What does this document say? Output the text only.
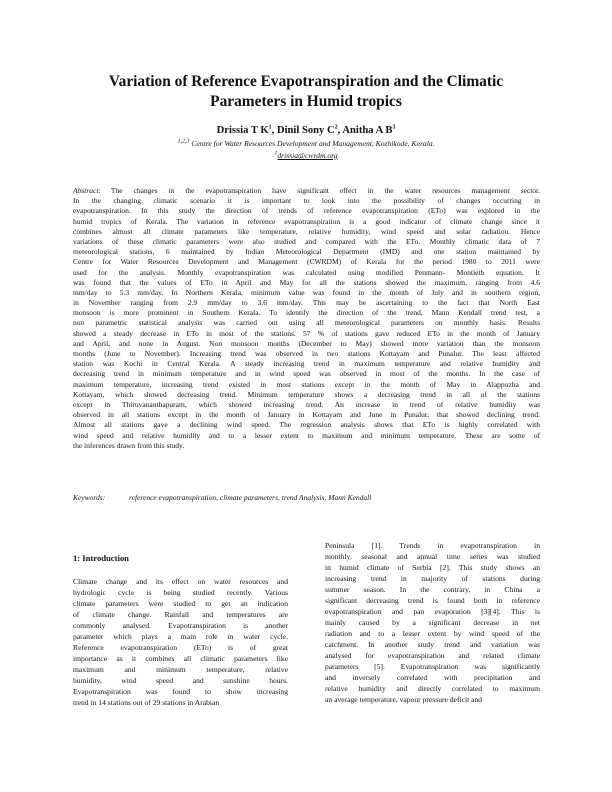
Variation of Reference Evapotranspiration and the Climatic
Parameters in Humid tropics
Drissia T $K^1$, Dinil Sony $C^2$, Anitha A $B^3$
$^{1,2,3}$ Centre for Water Resources Development and Management, Kozhikode, Kerala.
$^1$drissia@cwrdm.org
Abstract: The changes in the evapotranspiration have significant effect in the water resources management sector.
In the changing climatic scenario it is important to look into the possibility of changes occurring in
evapotranspiration. In this study the direction of trends of reference evapotranspiration (ETo) was explored in the
humid tropics of Kerala. The variation in reference evapotranspiration is a good indicator of climate change since it
combines almost all climate parameters like temperature, relative humidity, wind speed and solar radiation. Hence
variations of these climatic parameters were also studied and compared with the ETo. Monthly climatic data of 7
meteorological stations, 6 maintained by Indian Meteorological Department (IMD) and one station maintained by
Centre for Water Resources Development and Management (CWRDM) of Kerala for the period 1980 to 2011 were
used for the analysis. Monthly evapotranspiration was calculated using modified Penmann- Montieth equation. It
was found that the values of ETo in April and May for all the stations showed the maximum, ranging from 4.6
mm/day to 5.3 mm/day. In Northern Kerala, minimum value was found in the month of July and in southern region,
in November ranging from 2.9 mm/day to 3.6 mm/day. This may be ascertaining to the fact that North East
monsoon is more prominent in Southern Kerala. To identify the direction of the trend, Mann Kendall trend test, a
non parametric statistical analysis was carried out using all meteorological parameters on monthly basis. Results
showed a steady decrease in ETo in most of the stations. 57 % of stations gave reduced ETo in the month of January
and April, and none in August. Non monsoon months (December to May) showed more variation than the monsoon
months (June to November). Increasing trend was observed in two stations Kottayam and Punalur. The least affected
station was Kochi in Central Kerala. A steady increasing trend in maximum temperature and relative humidity and
decreasing trend in minimum temperature and in wind speed was observed in most of the months. In the case of
maximum temperature, increasing trend existed in most stations except in the month of May in Alappuzha and
Kottayam, which showed decreasing trend. Minimum temperature shows a decreasing trend in all of the stations
except in Thiruvananthapuram, which showed increasing trend. An increase in trend of relative humidity was
observed in all stations except in the month of January in Kottayam and June in Punalur, that showed declining trend.
Almost all stations gave a declining wind speed. The regression analysis shows that ETo is highly correlated with
wind speed and relative humidity and to a lesser extent to maximum and minimum temperature. These are some of
the inferences drawn from this study.
Keywords:	reference evapotranspiration, climate parameters, trend Analysis, Mann Kendall
1: Introduction
Climate change and its effect on water resources and
hydrologic cycle is being studied recently. Various
climate parameters were studied to get an indication
of climate change. Rainfall and temperatures are
commonly analysed. Evapotranspiration is another
parameter which plays a main role in water cycle.
Reference evapotranspiration (ETo) is of great
importance as it combines all climatic parameters like
maximum and minimum temperature, relative
humidity, wind speed and sunshine hours.
Evapotranspiration was found to show increasing
trend in 14 stations out of 29 stations in Arabian
Peninsula [1]. Trends in evapotranspiration in
monthly, seasonal and annual time series was studied
in humid climate of Serbia [2]. This study shows an
increasing trend in majority of stations during
summer season. In the contrary, in China a
significant decreasing trend is found both in reference
evapotranspiration and pan evaporation [3][4]. This is
mainly caused by a significant decrease in net
radiation and to a lesser extent by wind speed of the
catchment. In another study trend and variation was
analysed for evapotranspiration and related climate
parameters [5]. Evapotranspiration was significantly
and inversely correlated with precipitation and
relative humidity and directly correlated to maximum
an average temperature, vapour pressure deficit and
